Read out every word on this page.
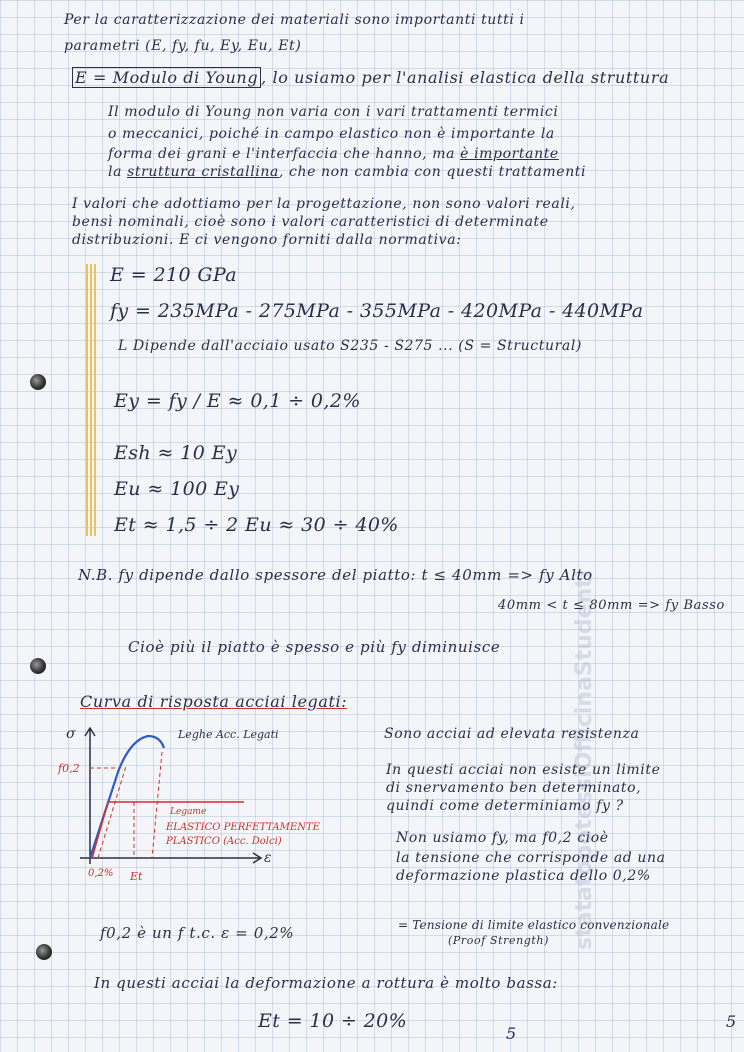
statatopotessiOfficinaStudenti
Per la caratterizzazione dei materiali sono importanti tutti i
parametri (E, fy, fu, Ey, Eu, Et)
E = Modulo di Young , lo usiamo per l'analisi elastica della struttura
Il modulo di Young non varia con i vari trattamenti termici
o meccanici, poiché in campo elastico non è importante la
forma dei grani e l'interfaccia che hanno, ma è importante
la struttura cristallina, che non cambia con questi trattamenti
I valori che adottiamo per la progettazione, non sono valori reali,
bensì nominali, cioè sono i valori caratteristici di determinate
distribuzioni. E ci vengono forniti dalla normativa:
E = 210 GPa
fy = 235MPa - 275MPa - 355MPa - 420MPa - 440MPa
L Dipende dall'acciaio usato S235 - S275 ... (S = Structural)
Ey = fy / E ≈ 0,1 ÷ 0,2%
Esh ≈ 10 Ey
Eu ≈ 100 Ey
Et ≈ 1,5 ÷ 2 Eu ≈ 30 ÷ 40%
N.B. fy dipende dallo spessore del piatto: t ≤ 40mm => fy Alto
40mm < t ≤ 80mm => fy Basso
Cioè più il piatto è spesso e più fy diminuisce
Curva di risposta acciai legati:
σ
f0,2
Leghe Acc. Legati
Legame
ELASTICO PERFETTAMENTE
PLASTICO (Acc. Dolci)
0,2% Et
ε
Sono acciai ad elevata resistenza
In questi acciai non esiste un limite
di snervamento ben determinato,
quindi come determiniamo fy ?
Non usiamo fy, ma f0,2 cioè
la tensione che corrisponde ad una
deformazione plastica dello 0,2%
f0,2 è un f t.c. ε = 0,2%	= Tensione di limite elastico convenzionale
(Proof Strength)
In questi acciai la deformazione a rottura è molto bassa:
Et = 10 ÷ 20%
5
5
